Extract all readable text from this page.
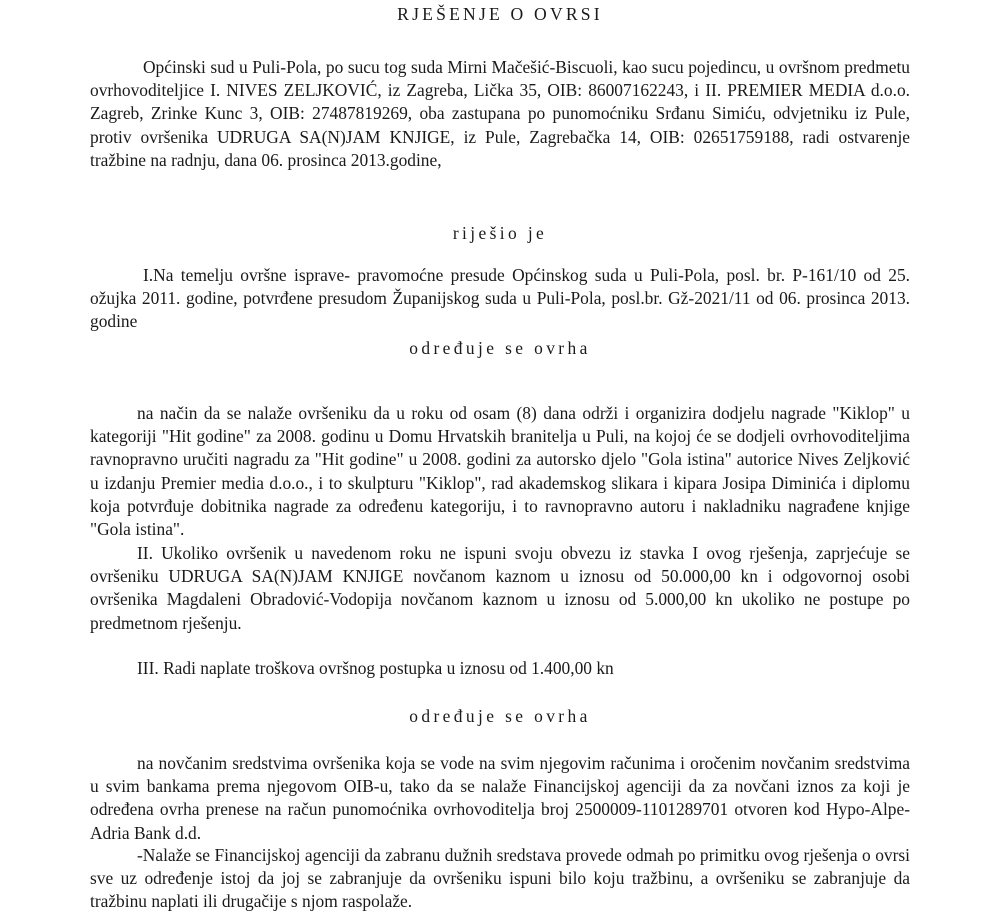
RJEŠENJE O OVRSI

Općinski sud u Puli-Pola, po sucu tog suda Mirni Mačešić-Biscuoli, kao sucu pojedincu, u ovršnom predmetu ovrhovoditeljice I. NIVES ZELJKOVIĆ, iz Zagreba, Lička 35, OIB: 86007162243, i II. PREMIER MEDIA d.o.o. Zagreb, Zrinke Kunc 3, OIB: 27487819269, oba zastupana po punomoćniku Srđanu Simiću, odvjetniku iz Pule, protiv ovršenika UDRUGA SA(N)JAM KNJIGE, iz Pule, Zagrebačka 14, OIB: 02651759188, radi ostvarenje tražbine na radnju, dana 06. prosinca 2013.godine,

riješio je

I.Na temelju ovršne isprave- pravomoćne presude Općinskog suda u Puli-Pola, posl. br. P-161/10 od 25. ožujka 2011. godine, potvrđene presudom Županijskog suda u Puli-Pola, posl.br. Gž-2021/11 od 06. prosinca 2013. godine

određuje se ovrha

na način da se nalaže ovršeniku da u roku od osam (8) dana održi i organizira dodjelu nagrade "Kiklop" u kategoriji "Hit godine" za 2008. godinu u Domu Hrvatskih branitelja u Puli, na kojoj će se dodjeli ovrhovoditeljima ravnopravno uručiti nagradu za "Hit godine" u 2008. godini za autorsko djelo "Gola istina" autorice Nives Zeljković u izdanju Premier media d.o.o., i to skulpturu "Kiklop", rad akademskog slikara i kipara Josipa Diminića i diplomu koja potvrđuje dobitnika nagrade za određenu kategoriju, i to ravnopravno autoru i nakladniku nagrađene knjige "Gola istina".

II. Ukoliko ovršenik u navedenom roku ne ispuni svoju obvezu iz stavka I ovog rješenja, zaprjećuje se ovršeniku UDRUGA SA(N)JAM KNJIGE novčanom kaznom u iznosu od 50.000,00 kn i odgovornoj osobi ovršenika Magdaleni Obradović-Vodopija novčanom kaznom u iznosu od 5.000,00 kn ukoliko ne postupe po predmetnom rješenju.

III. Radi naplate troškova ovršnog postupka u iznosu od 1.400,00 kn

određuje se ovrha

na novčanim sredstvima ovršenika koja se vode na svim njegovim računima i oročenim novčanim sredstvima u svim bankama prema njegovom OIB-u, tako da se nalaže Financijskoj agenciji da za novčani iznos za koji je određena ovrha prenese na račun punomoćnika ovrhovoditelja broj 2500009-1101289701 otvoren kod Hypo-Alpe-Adria Bank d.d.

-Nalaže se Financijskoj agenciji da zabranu dužnih sredstava provede odmah po primitku ovog rješenja o ovrsi sve uz određenje istoj da joj se zabranjuje da ovršeniku ispuni bilo koju tražbinu, a ovršeniku se zabranjuje da tražbinu naplati ili drugačije s njom raspolaže.
